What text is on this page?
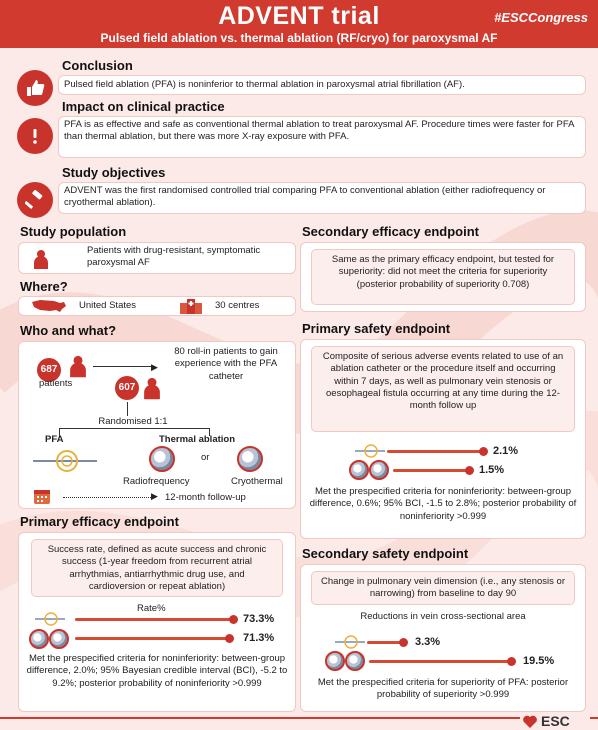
ADVENT trial	#ESCCongress
Pulsed field ablation vs. thermal ablation (RF/cryo) for paroxysmal AF
Conclusion
Pulsed field ablation (PFA) is noninferior to thermal ablation in paroxysmal atrial fibrillation (AF).
Impact on clinical practice
PFA is as effective and safe as conventional thermal ablation to treat paroxysmal AF. Procedure times were faster for PFA than thermal ablation, but there was more X-ray exposure with PFA.
Study objectives
ADVENT was the first randomised controlled trial comparing PFA to conventional ablation (either radiofrequency or cryothermal ablation).
Study population
Patients with drug-resistant, symptomatic paroxysmal AF
Where?
United States	30 centres
Who and what?
687
patients
▶
80 roll-in patients to gain experience with the PFA catheter
607
Randomised 1:1
PFA	Thermal ablation
or
Radiofrequency	Cryothermal
▶ 12-month follow-up
Primary efficacy endpoint
Success rate, defined as acute success and chronic success (1-year freedom from recurrent atrial arrhythmias, antiarrhythmic drug use, and cardioversion or repeat ablation)
Rate%
73.3%
71.3%
Met the prespecified criteria for noninferiority: between-group difference, 2.0%; 95% Bayesian credible interval (BCI), -5.2 to 9.2%; posterior probability of noninferiority >0.999
Secondary efficacy endpoint
Same as the primary efficacy endpoint, but tested for superiority: did not meet the criteria for superiority (posterior probability of superiority 0.708)
Primary safety endpoint
Composite of serious adverse events related to use of an ablation catheter or the procedure itself and occurring within 7 days, as well as pulmonary vein stenosis or oesophageal fistula occurring at any time during the 12-month follow up
2.1%
1.5%
Met the prespecified criteria for noninferiority: between-group difference, 0.6%; 95% BCI, -1.5 to 2.8%; posterior probability of noninferiority >0.999
Secondary safety endpoint
Change in pulmonary vein dimension (i.e., any stenosis or narrowing) from baseline to day 90
Reductions in vein cross-sectional area
3.3%
19.5%
Met the prespecified criteria for superiority of PFA: posterior probability of superiority >0.999
ESC
